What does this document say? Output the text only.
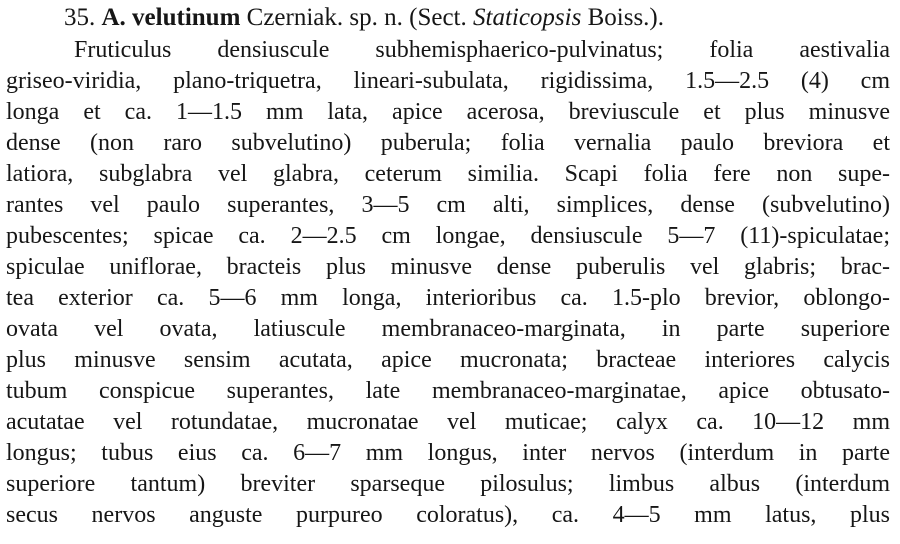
35. A. velutinum Czerniak. sp. n. (Sect. Staticopsis Boiss.).
Fruticulus densiuscule subhemisphaerico-pulvinatus; folia aestivalia
griseo-viridia, plano-triquetra, lineari-subulata, rigidissima, 1.5—2.5 (4) cm
longa et ca. 1—1.5 mm lata, apice acerosa, breviuscule et plus minusve
dense (non raro subvelutino) puberula; folia vernalia paulo breviora et
latiora, subglabra vel glabra, ceterum similia. Scapi folia fere non supe-
rantes vel paulo superantes, 3—5 cm alti, simplices, dense (subvelutino)
pubescentes; spicae ca. 2—2.5 cm longae, densiuscule 5—7 (11)-spiculatae;
spiculae uniflorae, bracteis plus minusve dense puberulis vel glabris; brac-
tea exterior ca. 5—6 mm longa, interioribus ca. 1.5-plo brevior, oblongo-
ovata vel ovata, latiuscule membranaceo-marginata, in parte superiore
plus minusve sensim acutata, apice mucronata; bracteae interiores calycis
tubum conspicue superantes, late membranaceo-marginatae, apice obtusato-
acutatae vel rotundatae, mucronatae vel muticae; calyx ca. 10—12 mm
longus; tubus eius ca. 6—7 mm longus, inter nervos (interdum in parte
superiore tantum) breviter sparseque pilosulus; limbus albus (interdum
secus nervos anguste purpureo coloratus), ca. 4—5 mm latus, plus
